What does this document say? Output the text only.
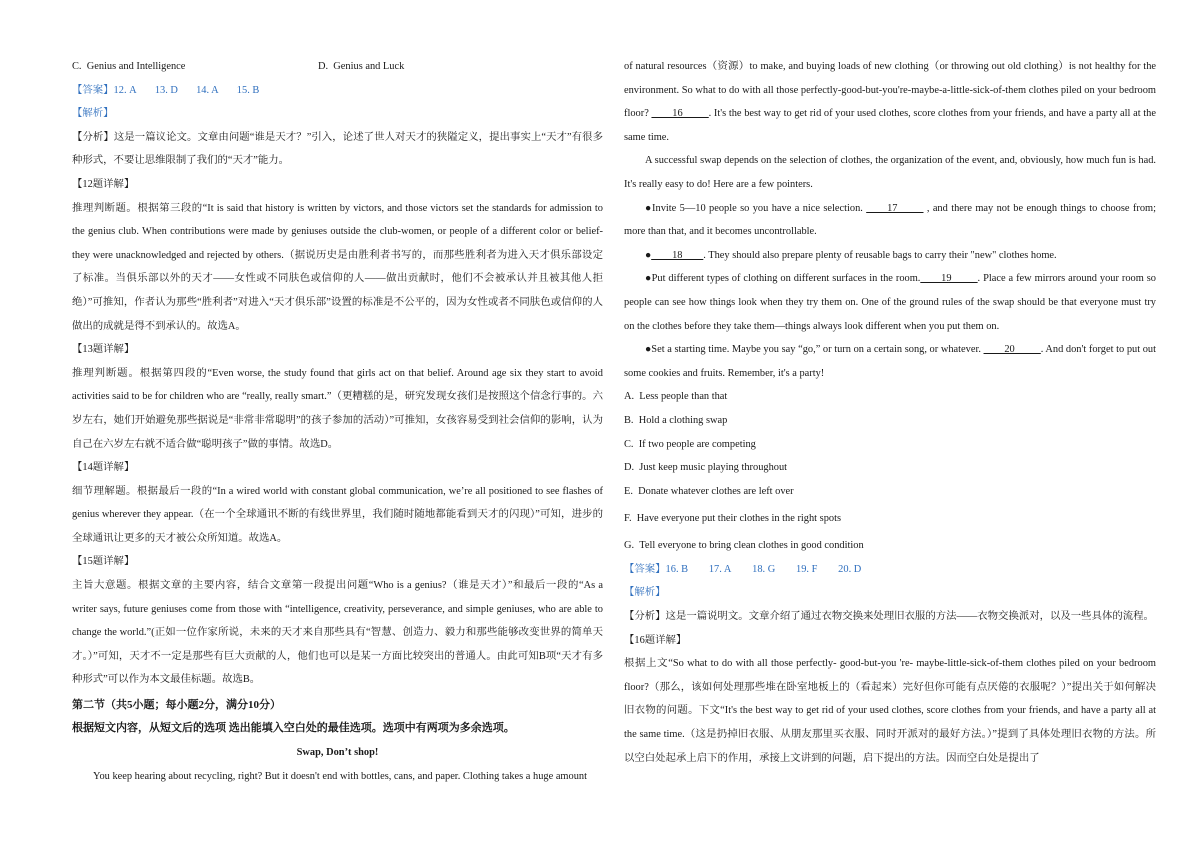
C.  Genius and Intelligence	D.  Genius and Luck

【答案】12. A       13. D       14. A       15. B

【解析】

【分析】这是一篇议论文。文章由问题“谁是天才？”引入，论述了世人对天才的狭隘定义，提出事实上“天才”有很多种形式，不要让思维限制了我们的“天才”能力。

【12题详解】

推理判断题。根据第三段的“It is said that history is written by victors, and those victors set the standards for admission to the genius club. When contributions were made by geniuses outside the club-women, or people of a different color or belief-they were unacknowledged and rejected by others.（据说历史是由胜利者书写的，而那些胜利者为进入天才俱乐部设定了标准。当俱乐部以外的天才——女性或不同肤色或信仰的人——做出贡献时，他们不会被承认并且被其他人拒绝）”可推知，作者认为那些“胜利者”对进入“天才俱乐部”设置的标准是不公平的，因为女性或者不同肤色或信仰的人做出的成就是得不到承认的。故选A。

【13题详解】

推理判断题。根据第四段的“Even worse, the study found that girls act on that belief. Around age six they start to avoid activities said to be for children who are “really, really smart.”（更糟糕的是，研究发现女孩们是按照这个信念行事的。六岁左右，她们开始避免那些据说是“非常非常聪明”的孩子参加的活动）”可推知，女孩容易受到社会信仰的影响，认为自己在六岁左右就不适合做“聪明孩子”做的事情。故选D。

【14题详解】

细节理解题。根据最后一段的“In a wired world with constant global communication, we’re all positioned to see flashes of genius wherever they appear.（在一个全球通讯不断的有线世界里，我们随时随地都能看到天才的闪现）”可知，进步的全球通讯让更多的天才被公众所知道。故选A。

【15题详解】

主旨大意题。根据文章的主要内容，结合文章第一段提出问题“Who is a genius?（谁是天才）”和最后一段的“As a writer says, future geniuses come from those with “intelligence, creativity, perseverance, and simple geniuses, who are able to change the world.”(正如一位作家所说，未来的天才来自那些具有“智慧、创造力、毅力和那些能够改变世界的简单天才。）”可知，天才不一定是那些有巨大贡献的人，他们也可以是某一方面比较突出的普通人。由此可知B项“天才有多种形式”可以作为本文最佳标题。故选B。

第二节（共5小题；每小题2分，满分10分）

根据短文内容，从短文后的选项 选出能填入空白处的最佳选项。选项中有两项为多余选项。

Swap, Don’t shop!

You keep hearing about recycling, right? But it doesn't end with bottles, cans, and paper. Clothing takes a huge amount

of natural resources（资源）to make, and buying loads of new clothing（or throwing out old clothing）is not healthy for the environment. So what to do with all those perfectly-good-but-you're-maybe-a-little-sick-of-them clothes piled on your bedroom floor? ____16_____. It's the best way to get rid of your used clothes, score clothes from your friends, and have a party all at the same time.

A successful swap depends on the selection of clothes, the organization of the event, and, obviously, how much fun is had. It's really easy to do! Here are a few pointers.

●Invite 5—10 people so you have a nice selection. ____17_____ , and there may not be enough things to choose from; more than that, and it becomes uncontrollable.

●____18____. They should also prepare plenty of reusable bags to carry their "new" clothes home.

●Put different types of clothing on different surfaces in the room.____19_____. Place a few mirrors around your room so people can see how things look when they try them on. One of the ground rules of the swap should be that everyone must try on the clothes before they take them—things always look different when you put them on.

●Set a starting time. Maybe you say “go,” or turn on a certain song, or whatever. ____20_____. And don't forget to put out some cookies and fruits. Remember, it's a party!

A.  Less people than that

B.  Hold a clothing swap

C.  If two people are competing

D.  Just keep music playing throughout

E.  Donate whatever clothes are left over

F.  Have everyone put their clothes in the right spots

G.  Tell everyone to bring clean clothes in good condition

【答案】16. B        17. A        18. G        19. F        20. D

【解析】

【分析】这是一篇说明文。文章介绍了通过衣物交换来处理旧衣服的方法——衣物交换派对，以及一些具体的流程。

【16题详解】

根据上文“So what to do with all those perfectly- good-but-you 're- maybe-little-sick-of-them clothes piled on your bedroom floor?（那么，该如何处理那些堆在卧室地板上的（看起来）完好但你可能有点厌倦的衣服呢？）”提出关于如何解决旧衣物的问题。下文“It's the best way to get rid of your used clothes, score clothes from your friends, and have a party all at the same time.（这是扔掉旧衣服、从朋友那里买衣服、同时开派对的最好方法。）”提到了具体处理旧衣物的方法。所以空白处起承上启下的作用，承接上文讲到的问题，启下提出的方法。因而空白处是提出了
